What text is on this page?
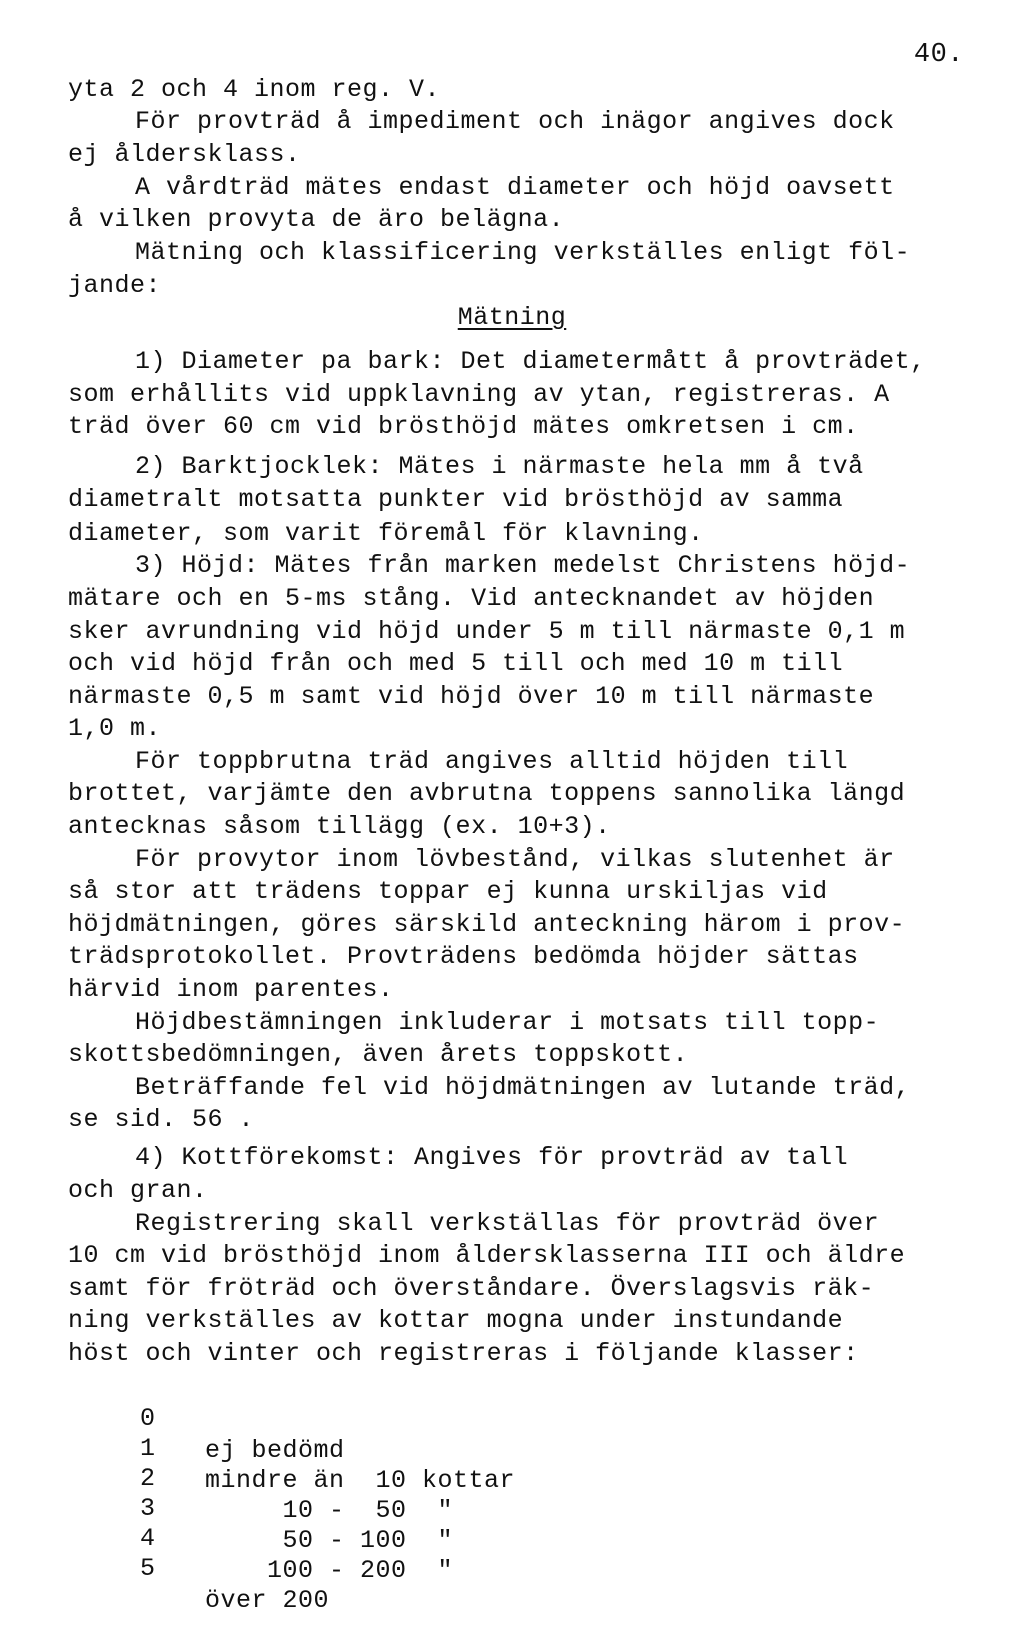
40.
yta 2 och 4 inom reg. V.
För provträd å impediment och inägor angives dock
ej åldersklass.
A vårdträd mätes endast diameter och höjd oavsett
å vilken provyta de äro belägna.
Mätning och klassificering verkställes enligt föl-
jande:
Mätning
1) Diameter pa bark: Det diametermått å provträdet,
som erhållits vid uppklavning av ytan, registreras. A
träd över 60 cm vid brösthöjd mätes omkretsen i cm.
2) Barktjocklek: Mätes i närmaste hela mm å två
diametralt motsatta punkter vid brösthöjd av samma
diameter, som varit föremål för klavning.
3) Höjd: Mätes från marken medelst Christens höjd-
mätare och en 5-ms stång. Vid antecknandet av höjden
sker avrundning vid höjd under 5 m till närmaste 0,1 m
och vid höjd från och med 5 till och med 10 m till
närmaste 0,5 m samt vid höjd över 10 m till närmaste
1,0 m.
För toppbrutna träd angives alltid höjden till
brottet, varjämte den avbrutna toppens sannolika längd
antecknas såsom tillägg (ex. 10+3).
För provytor inom lövbestånd, vilkas slutenhet är
så stor att trädens toppar ej kunna urskiljas vid
höjdmätningen, göres särskild anteckning härom i prov-
trädsprotokollet. Provträdens bedömda höjder sättas
härvid inom parentes.
Höjdbestämningen inkluderar i motsats till topp-
skottsbedömningen, även årets toppskott.
Beträffande fel vid höjdmätningen av lutande träd,
se sid. 56 .
4) Kottförekomst: Angives för provträd av tall
och gran.
Registrering skall verkställas för provträd över
10 cm vid brösthöjd inom åldersklasserna III och äldre
samt för fröträd och överståndare. Överslagsvis räk-
ning verkställes av kottar mogna under instundande
höst och vinter och registreras i följande klasser:

0

ej bedömd

1

mindre än  10 kottar

2

10 -  50  "

3

50 - 100  "

4

100 - 200  "

5

över 200
